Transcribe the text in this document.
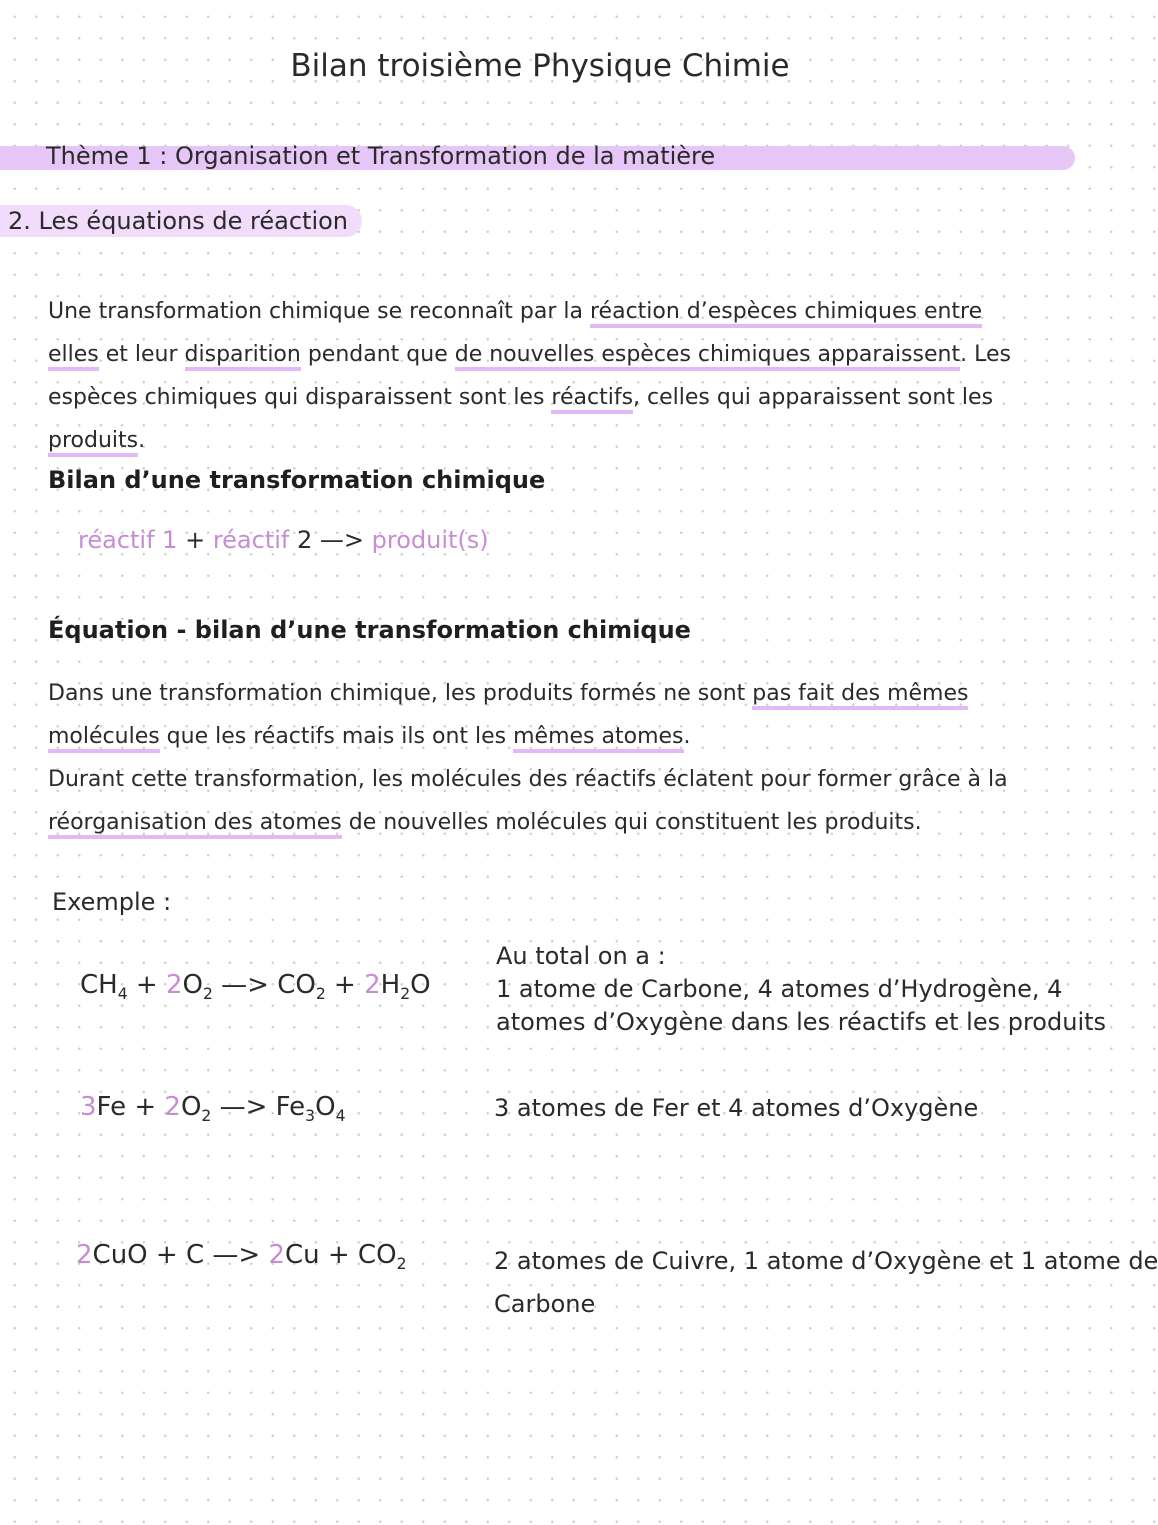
Bilan troisième Physique Chimie
Thème 1 : Organisation et Transformation de la matière
2. Les équations de réaction
Une transformation chimique se reconnaît par la réaction d’espèces chimiques entre elles et leur disparition pendant que de nouvelles espèces chimiques apparaissent. Les espèces chimiques qui disparaissent sont les réactifs, celles qui apparaissent sont les produits.
Bilan d’une transformation chimique
réactif 1 + réactif 2 —> produit(s)
Équation - bilan d’une transformation chimique
Dans une transformation chimique, les produits formés ne sont pas fait des mêmes molécules que les réactifs mais ils ont les mêmes atomes.
Durant cette transformation, les molécules des réactifs éclatent pour former grâce à la réorganisation des atomes de nouvelles molécules qui constituent les produits.
Exemple :
$CH_4 + 2O_2$ —> $CO_2 + 2H_2O$
Au total on a :
1 atome de Carbone, 4 atomes d’Hydrogène, 4
atomes d’Oxygène dans les réactifs et les produits
$3Fe + 2O_2$ —> $Fe_3O_4$	3 atomes de Fer et 4 atomes d’Oxygène
2CuO + C —> $2Cu + CO_2$	2 atomes de Cuivre, 1 atome d’Oxygène et 1 atome de
Carbone
